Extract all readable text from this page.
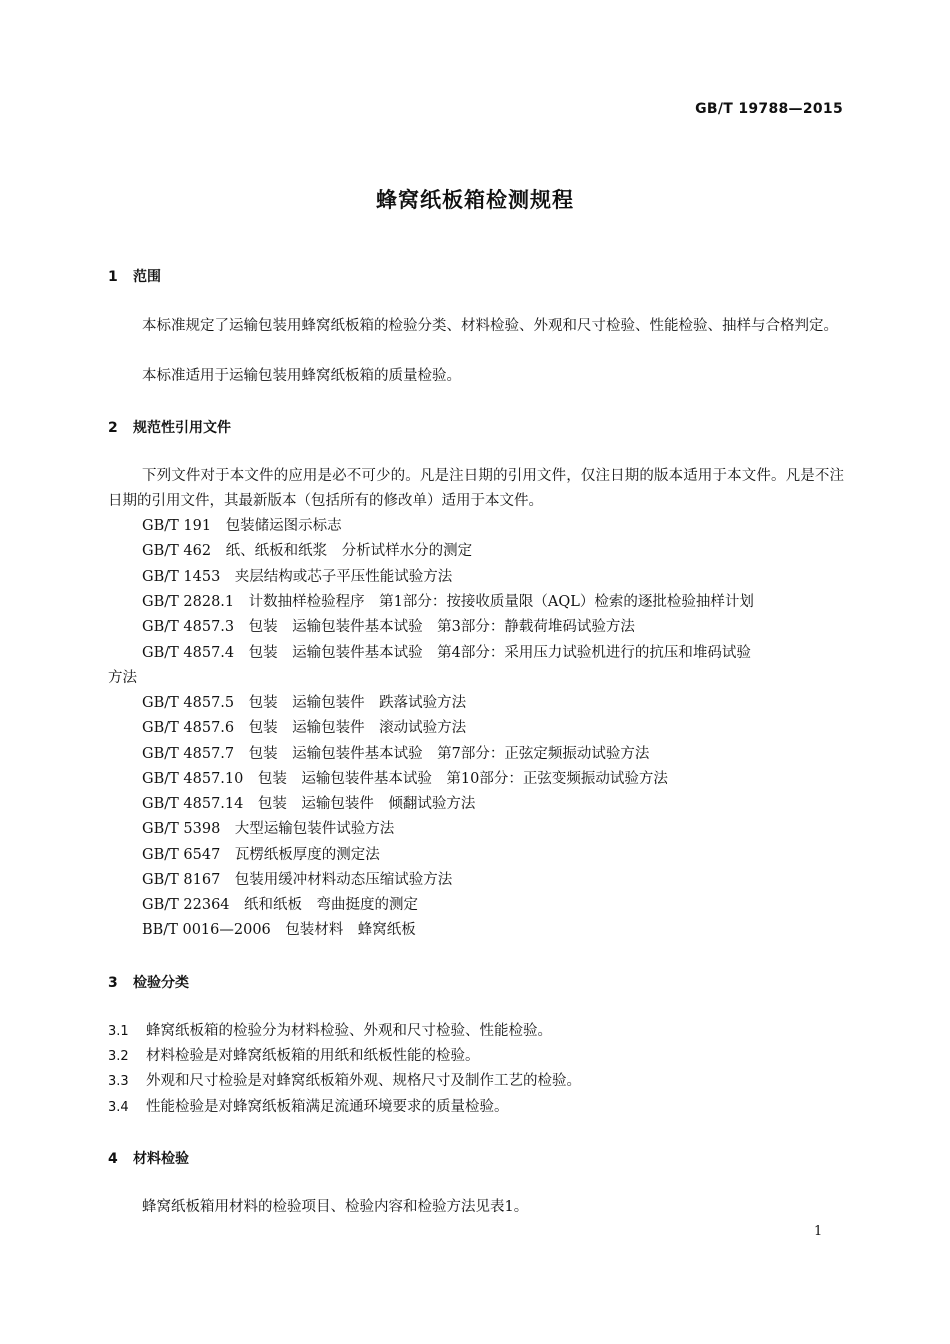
GB/T 19788—2015
蜂窝纸板箱检测规程
1 范围
本标准规定了运输包装用蜂窝纸板箱的检验分类、材料检验、外观和尺寸检验、性能检验、抽样与合格判定。
本标准适用于运输包装用蜂窝纸板箱的质量检验。
2 规范性引用文件
下列文件对于本文件的应用是必不可少的。凡是注日期的引用文件，仅注日期的版本适用于本文件。凡是不注日期的引用文件，其最新版本（包括所有的修改单）适用于本文件。
GB/T 191　包装储运图示标志
GB/T 462　纸、纸板和纸浆　分析试样水分的测定
GB/T 1453　夹层结构或芯子平压性能试验方法
GB/T 2828.1　计数抽样检验程序　第1部分：按接收质量限（AQL）检索的逐批检验抽样计划
GB/T 4857.3　包装　运输包装件基本试验　第3部分：静载荷堆码试验方法
GB/T 4857.4　包装　运输包装件基本试验　第4部分：采用压力试验机进行的抗压和堆码试验
方法
GB/T 4857.5　包装　运输包装件　跌落试验方法
GB/T 4857.6　包装　运输包装件　滚动试验方法
GB/T 4857.7　包装　运输包装件基本试验　第7部分：正弦定频振动试验方法
GB/T 4857.10　包装　运输包装件基本试验　第10部分：正弦变频振动试验方法
GB/T 4857.14　包装　运输包装件　倾翻试验方法
GB/T 5398　大型运输包装件试验方法
GB/T 6547　瓦楞纸板厚度的测定法
GB/T 8167　包装用缓冲材料动态压缩试验方法
GB/T 22364　纸和纸板　弯曲挺度的测定
BB/T 0016—2006　包装材料　蜂窝纸板
3 检验分类
3.1 蜂窝纸板箱的检验分为材料检验、外观和尺寸检验、性能检验。
3.2 材料检验是对蜂窝纸板箱的用纸和纸板性能的检验。
3.3 外观和尺寸检验是对蜂窝纸板箱外观、规格尺寸及制作工艺的检验。
3.4 性能检验是对蜂窝纸板箱满足流通环境要求的质量检验。
4 材料检验
蜂窝纸板箱用材料的检验项目、检验内容和检验方法见表1。
1
